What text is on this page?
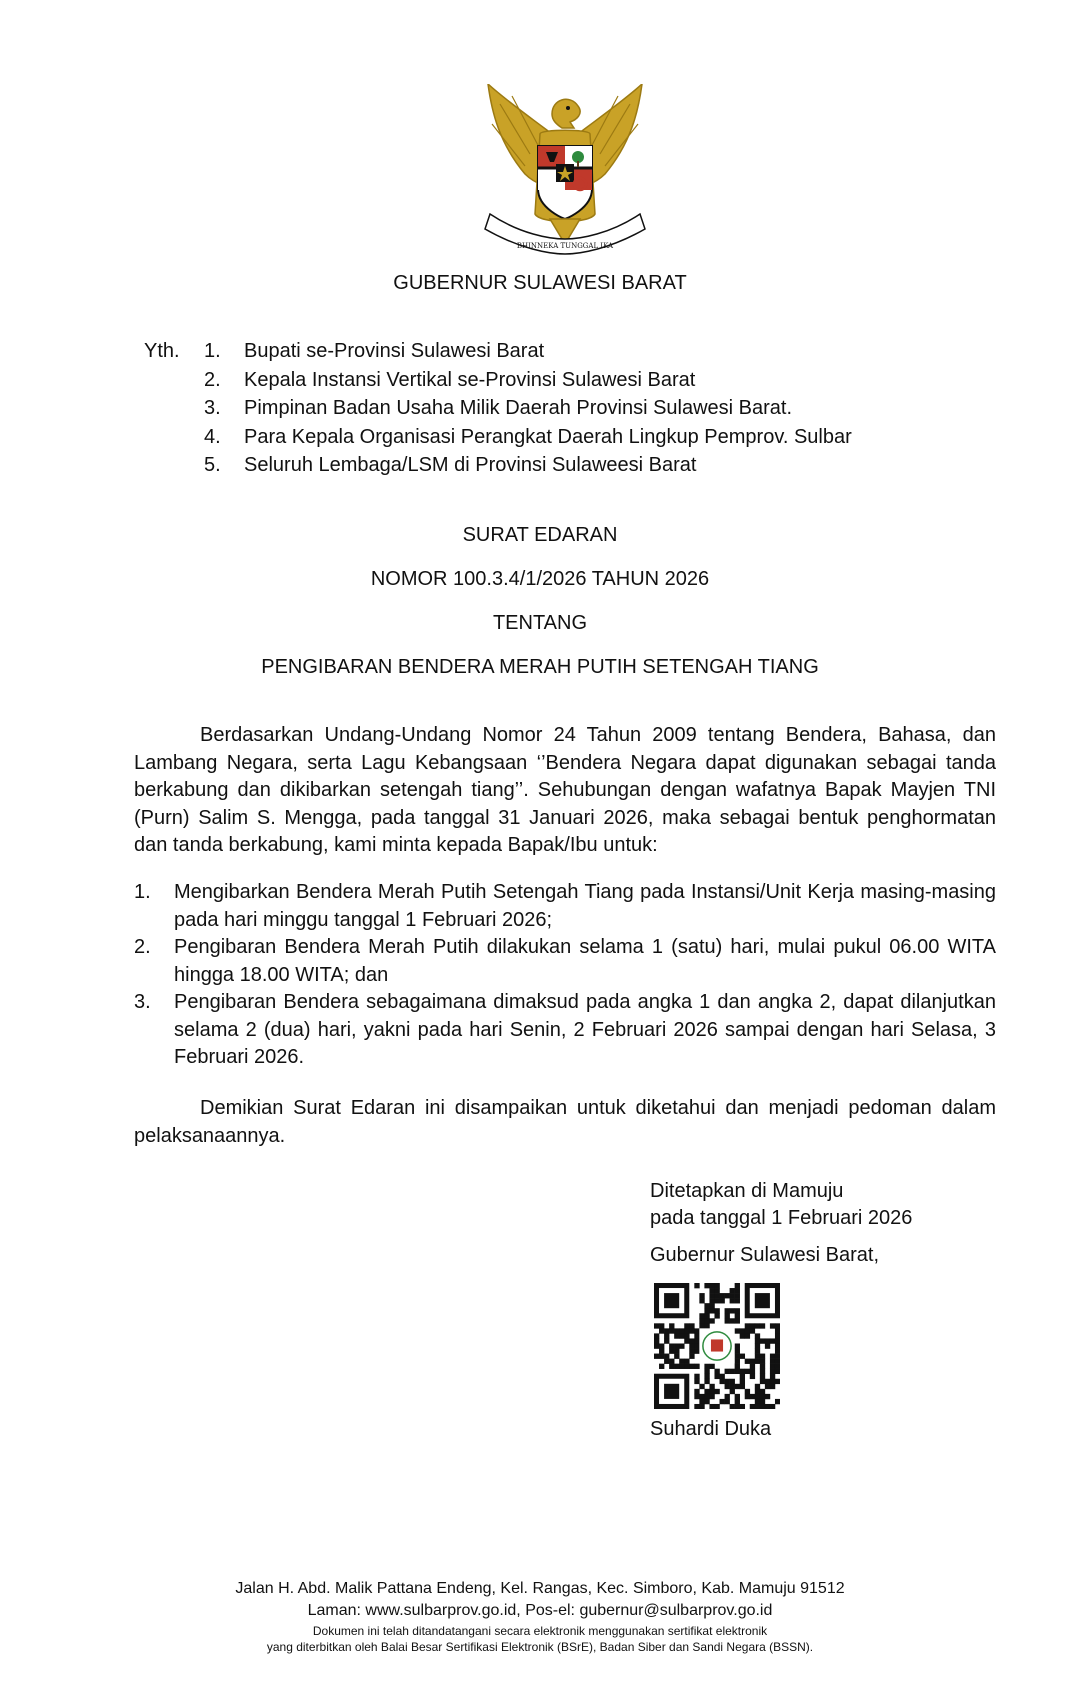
BHINNEKA TUNGGAL IKA
GUBERNUR SULAWESI BARAT
Yth. 1. Bupati se-Provinsi Sulawesi Barat
2. Kepala Instansi Vertikal se-Provinsi Sulawesi Barat
3. Pimpinan Badan Usaha Milik Daerah Provinsi Sulawesi Barat.
4. Para Kepala Organisasi Perangkat Daerah Lingkup Pemprov. Sulbar
5. Seluruh Lembaga/LSM di Provinsi Sulaweesi Barat
SURAT EDARAN
NOMOR 100.3.4/1/2026 TAHUN 2026
TENTANG
PENGIBARAN BENDERA MERAH PUTIH SETENGAH TIANG

Berdasarkan Undang-Undang Nomor 24 Tahun 2009 tentang Bendera, Bahasa, dan Lambang Negara, serta Lagu Kebangsaan ‘’Bendera Negara dapat digunakan sebagai tanda berkabung dan dikibarkan setengah tiang’’. Sehubungan dengan wafatnya Bapak Mayjen TNI (Purn) Salim S. Mengga, pada tanggal 31 Januari 2026, maka sebagai bentuk penghormatan dan tanda berkabung, kami minta kepada Bapak/Ibu untuk:

1. Mengibarkan Bendera Merah Putih Setengah Tiang pada Instansi/Unit Kerja masing-masing pada hari minggu tanggal 1 Februari 2026;
2. Pengibaran Bendera Merah Putih dilakukan selama 1 (satu) hari, mulai pukul 06.00 WITA hingga 18.00 WITA; dan
3. Pengibaran Bendera sebagaimana dimaksud pada angka 1 dan angka 2, dapat dilanjutkan selama 2 (dua) hari, yakni pada hari Senin, 2 Februari 2026 sampai dengan hari Selasa, 3 Februari 2026.

Demikian Surat Edaran ini disampaikan untuk diketahui dan menjadi pedoman dalam pelaksanaannya.

Ditetapkan di Mamuju
pada tanggal 1 Februari 2026
Gubernur Sulawesi Barat,
Suhardi Duka
Jalan H. Abd. Malik Pattana Endeng, Kel. Rangas, Kec. Simboro, Kab. Mamuju 91512
Laman: www.sulbarprov.go.id, Pos-el: gubernur@sulbarprov.go.id
Dokumen ini telah ditandatangani secara elektronik menggunakan sertifikat elektronik
yang diterbitkan oleh Balai Besar Sertifikasi Elektronik (BSrE), Badan Siber dan Sandi Negara (BSSN).
